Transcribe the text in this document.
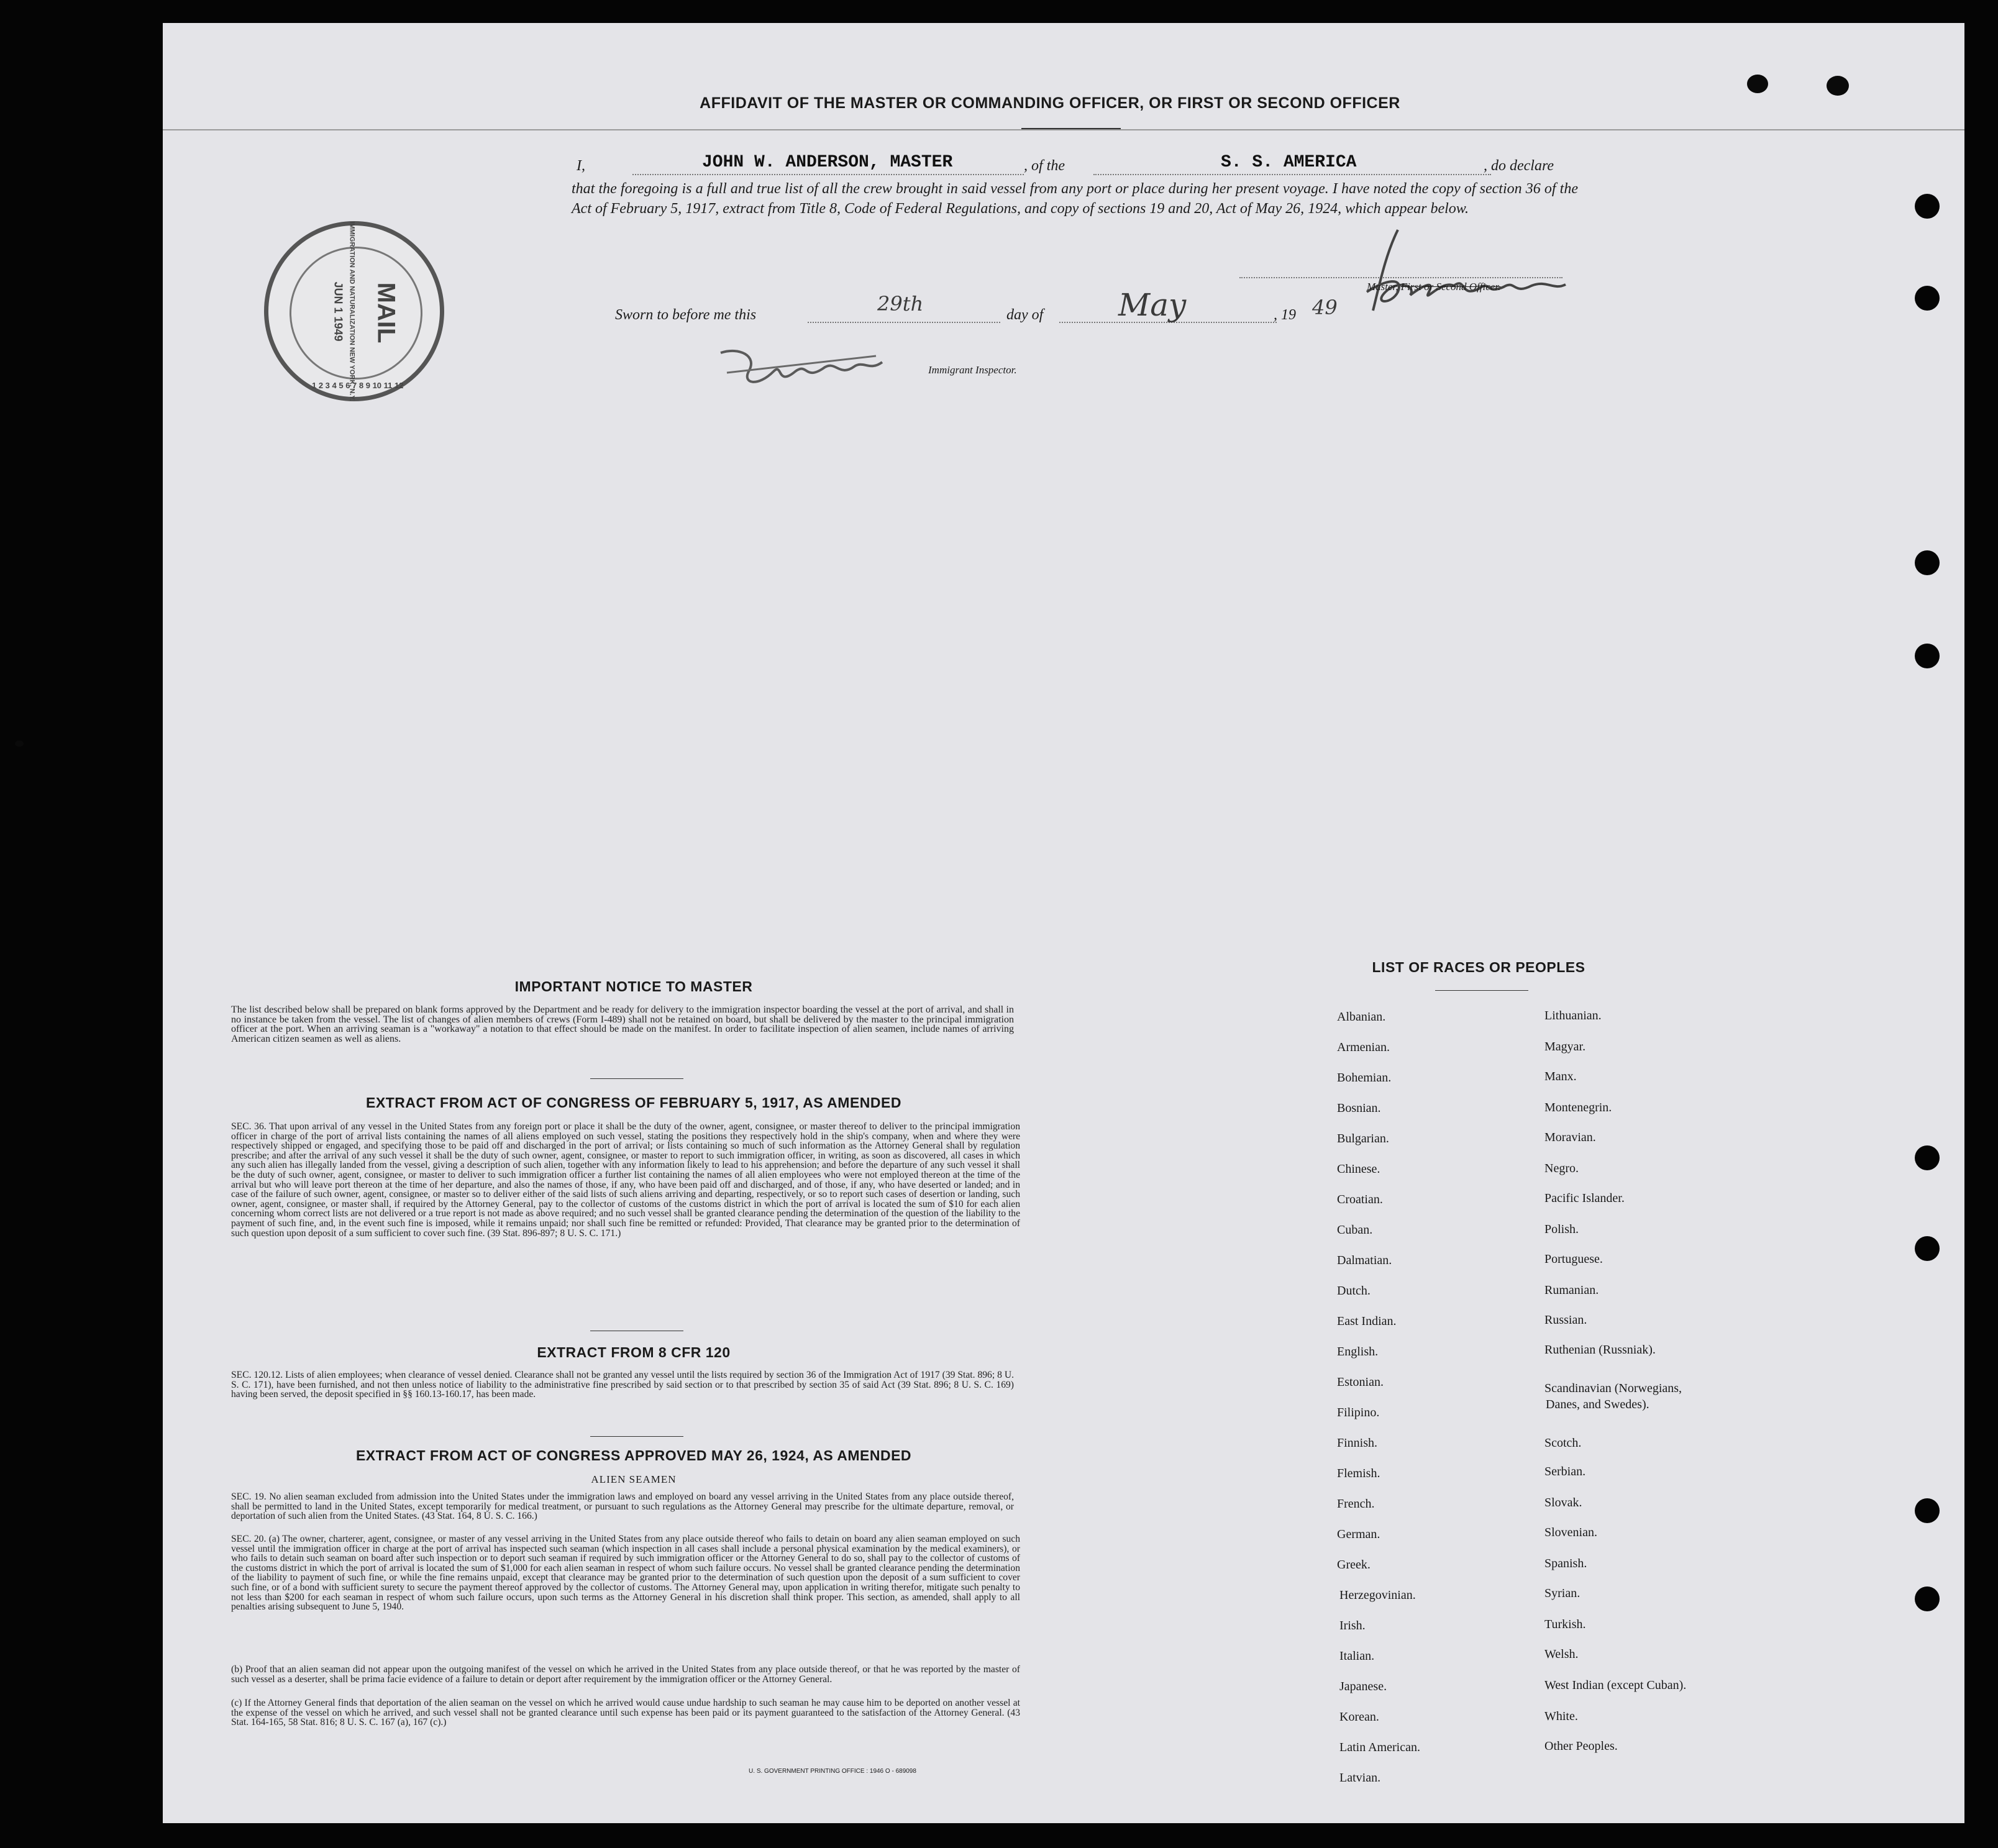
AFFIDAVIT OF THE MASTER OR COMMANDING OFFICER, OR FIRST OR SECOND OFFICER
I,	JOHN W. ANDERSON, MASTER	, of the	S. S. AMERICA	, do declare
that the foregoing is a full and true list of all the crew brought in said vessel from any port or place during her present voyage. I have noted the copy of section 36 of the Act of February 5, 1917, extract from Title 8, Code of Federal Regulations, and copy of sections 19 and 20, Act of May 26, 1924, which appear below.
Master, First or Second Officer.
Sworn to before me this	29th	day of May	, 19 49
Immigrant Inspector.
MAIL
JUN 1 1949 IMMIGRATION AND NATURALIZATION NEW YORK, N.Y.
1 2 3 4 5 6 7 8 9 10 11 12
IMPORTANT NOTICE TO MASTER
The list described below shall be prepared on blank forms approved by the Department and be ready for delivery to the immigration inspector boarding the vessel at the port of arrival, and shall in no instance be taken from the vessel. The list of changes of alien members of crews (Form I-489) shall not be retained on board, but shall be delivered by the master to the principal immigration officer at the port. When an arriving seaman is a "workaway" a notation to that effect should be made on the manifest. In order to facilitate inspection of alien seamen, include names of arriving American citizen seamen as well as aliens.
EXTRACT FROM ACT OF CONGRESS OF FEBRUARY 5, 1917, AS AMENDED
SEC. 36. That upon arrival of any vessel in the United States from any foreign port or place it shall be the duty of the owner, agent, consignee, or master thereof to deliver to the principal immigration officer in charge of the port of arrival lists containing the names of all aliens employed on such vessel, stating the positions they respectively hold in the ship's company, when and where they were respectively shipped or engaged, and specifying those to be paid off and discharged in the port of arrival; or lists containing so much of such information as the Attorney General shall by regulation prescribe; and after the arrival of any such vessel it shall be the duty of such owner, agent, consignee, or master to report to such immigration officer, in writing, as soon as discovered, all cases in which any such alien has illegally landed from the vessel, giving a description of such alien, together with any information likely to lead to his apprehension; and before the departure of any such vessel it shall be the duty of such owner, agent, consignee, or master to deliver to such immigration officer a further list containing the names of all alien employees who were not employed thereon at the time of the arrival but who will leave port thereon at the time of her departure, and also the names of those, if any, who have been paid off and discharged, and of those, if any, who have deserted or landed; and in case of the failure of such owner, agent, consignee, or master so to deliver either of the said lists of such aliens arriving and departing, respectively, or so to report such cases of desertion or landing, such owner, agent, consignee, or master shall, if required by the Attorney General, pay to the collector of customs of the customs district in which the port of arrival is located the sum of $10 for each alien concerning whom correct lists are not delivered or a true report is not made as above required; and no such vessel shall be granted clearance pending the determination of the question of the liability to the payment of such fine, and, in the event such fine is imposed, while it remains unpaid; nor shall such fine be remitted or refunded: Provided, That clearance may be granted prior to the determination of such question upon deposit of a sum sufficient to cover such fine. (39 Stat. 896-897; 8 U. S. C. 171.)
EXTRACT FROM 8 CFR 120
SEC. 120.12. Lists of alien employees; when clearance of vessel denied. Clearance shall not be granted any vessel until the lists required by section 36 of the Immigration Act of 1917 (39 Stat. 896; 8 U. S. C. 171), have been furnished, and not then unless notice of liability to the administrative fine prescribed by said section or to that prescribed by section 35 of said Act (39 Stat. 896; 8 U. S. C. 169) having been served, the deposit specified in §§ 160.13-160.17, has been made.
EXTRACT FROM ACT OF CONGRESS APPROVED MAY 26, 1924, AS AMENDED
ALIEN SEAMEN
SEC. 19. No alien seaman excluded from admission into the United States under the immigration laws and employed on board any vessel arriving in the United States from any place outside thereof, shall be permitted to land in the United States, except temporarily for medical treatment, or pursuant to such regulations as the Attorney General may prescribe for the ultimate departure, removal, or deportation of such alien from the United States. (43 Stat. 164, 8 U. S. C. 166.)
SEC. 20. (a) The owner, charterer, agent, consignee, or master of any vessel arriving in the United States from any place outside thereof who fails to detain on board any alien seaman employed on such vessel until the immigration officer in charge at the port of arrival has inspected such seaman (which inspection in all cases shall include a personal physical examination by the medical examiners), or who fails to detain such seaman on board after such inspection or to deport such seaman if required by such immigration officer or the Attorney General to do so, shall pay to the collector of customs of the customs district in which the port of arrival is located the sum of $1,000 for each alien seaman in respect of whom such failure occurs. No vessel shall be granted clearance pending the determination of the liability to payment of such fine, or while the fine remains unpaid, except that clearance may be granted prior to the determination of such question upon the deposit of a sum sufficient to cover such fine, or of a bond with sufficient surety to secure the payment thereof approved by the collector of customs. The Attorney General may, upon application in writing therefor, mitigate such penalty to not less than $200 for each seaman in respect of whom such failure occurs, upon such terms as the Attorney General in his discretion shall think proper. This section, as amended, shall apply to all penalties arising subsequent to June 5, 1940.
(b) Proof that an alien seaman did not appear upon the outgoing manifest of the vessel on which he arrived in the United States from any place outside thereof, or that he was reported by the master of such vessel as a deserter, shall be prima facie evidence of a failure to detain or deport after requirement by the immigration officer or the Attorney General.
(c) If the Attorney General finds that deportation of the alien seaman on the vessel on which he arrived would cause undue hardship to such seaman he may cause him to be deported on another vessel at the expense of the vessel on which he arrived, and such vessel shall not be granted clearance until such expense has been paid or its payment guaranteed to the satisfaction of the Attorney General. (43 Stat. 164-165, 58 Stat. 816; 8 U. S. C. 167 (a), 167 (c).)
U. S. GOVERNMENT PRINTING OFFICE : 1946 O - 689098
LIST OF RACES OR PEOPLES
Albanian.
Armenian.
Bohemian.
Bosnian.
Bulgarian.
Chinese.
Croatian.
Cuban.
Dalmatian.
Dutch.
East Indian.
English.
Estonian.
Filipino.
Finnish.
Flemish.
French.
German.
Greek.
Herzegovinian.
Irish.
Italian.
Japanese.
Korean.
Latin American.
Latvian.
Lithuanian.
Magyar.
Manx.
Montenegrin.
Moravian.
Negro.
Pacific Islander.
Polish.
Portuguese.
Rumanian.
Russian.
Ruthenian (Russniak).
Scandinavian (Norwegians,
Danes, and Swedes).
Scotch.
Serbian.
Slovak.
Slovenian.
Spanish.
Syrian.
Turkish.
Welsh.
West Indian (except Cuban).
White.
Other Peoples.
